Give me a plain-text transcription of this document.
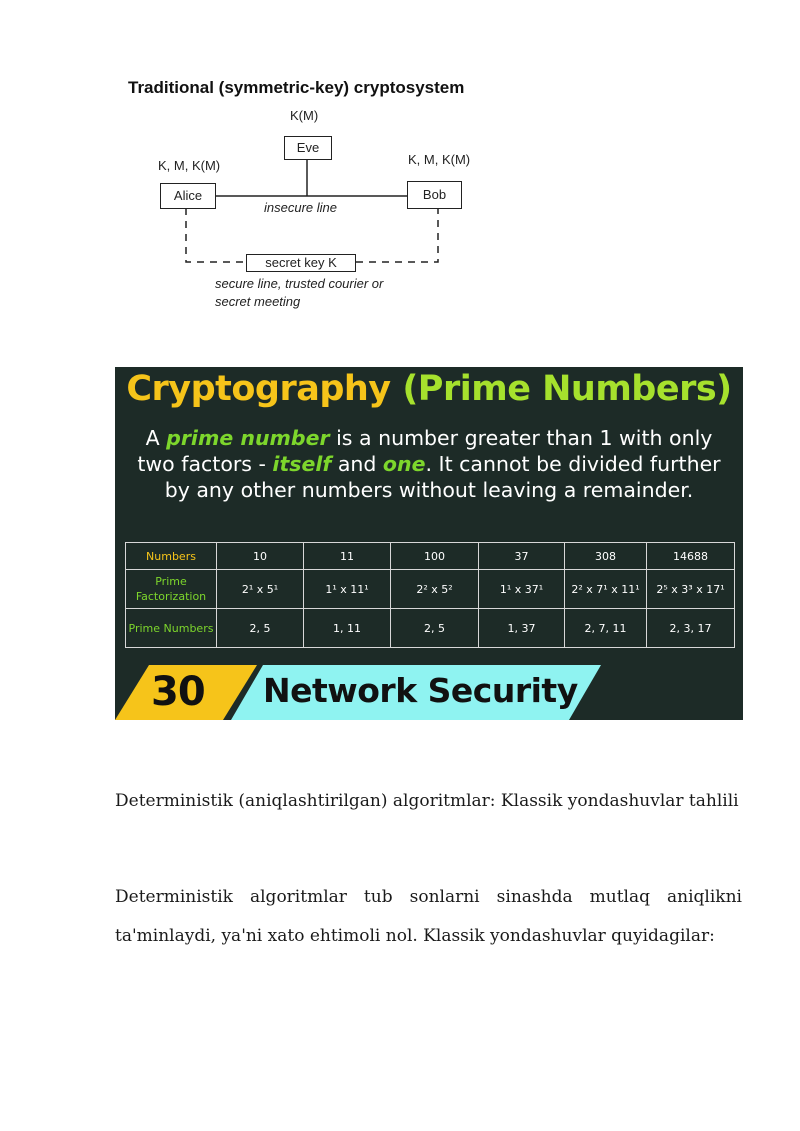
Traditional (symmetric-key) cryptosystem
K(M)
Eve
K, M, K(M)
Alice
K, M, K(M)
Bob
insecure line
secret key K
secure line, trusted courier or
secret meeting
Cryptography (Prime Numbers)
A prime number is a number greater than 1 with only two factors - itself and one. It cannot be divided further by any other numbers without leaving a remainder.
Numbers	10	11	100	37	308	14688
Prime Factorization	2¹ x 5¹	1¹ x 11¹	2² x 5²	1¹ x 37¹	2² x 7¹ x 11¹	2⁵ x 3³ x 17¹
Prime Numbers	2, 5	1, 11	2, 5	1, 37	2, 7, 11	2, 3, 17
30 Network Security
Deterministik (aniqlashtirilgan) algoritmlar: Klassik yondashuvlar tahlili
Deterministik algoritmlar tub sonlarni sinashda mutlaq aniqlikni ta'minlaydi, ya'ni xato ehtimoli nol. Klassik yondashuvlar quyidagilar:
